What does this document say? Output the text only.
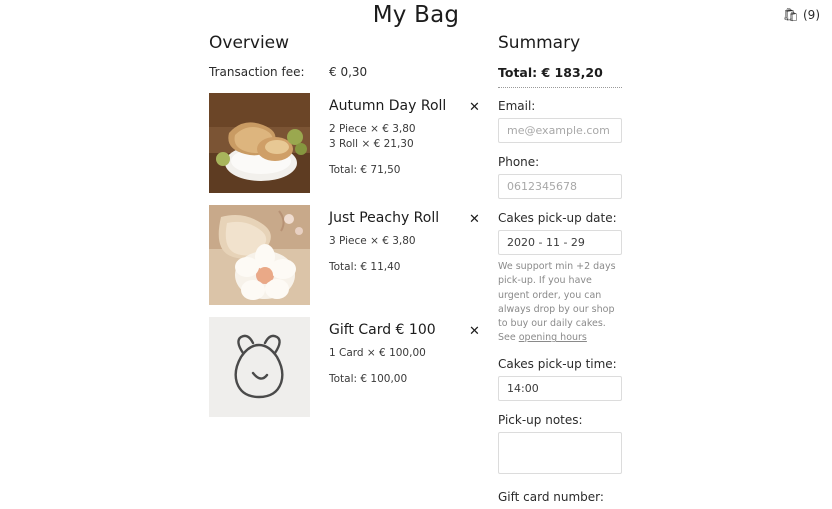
My Bag	🛍 (9)
Overview
Transaction fee:	€ 0,30
Autumn Day Roll
2 Piece × € 3,80
3 Roll × € 21,30
Total: € 71,50
✕
Just Peachy Roll
3 Piece × € 3,80
Total: € 11,40
✕
Gift Card € 100
1 Card × € 100,00
Total: € 100,00
✕
Summary
Total: € 183,20
Email:
me@example.com
Phone:
0612345678
Cakes pick-up date:
2020 - 11 - 29
We support min +2 days pick-up. If you have urgent order, you can always drop by our shop to buy our daily cakes. See opening hours
Cakes pick-up time:
14:00
Pick-up notes:
Gift card number:
